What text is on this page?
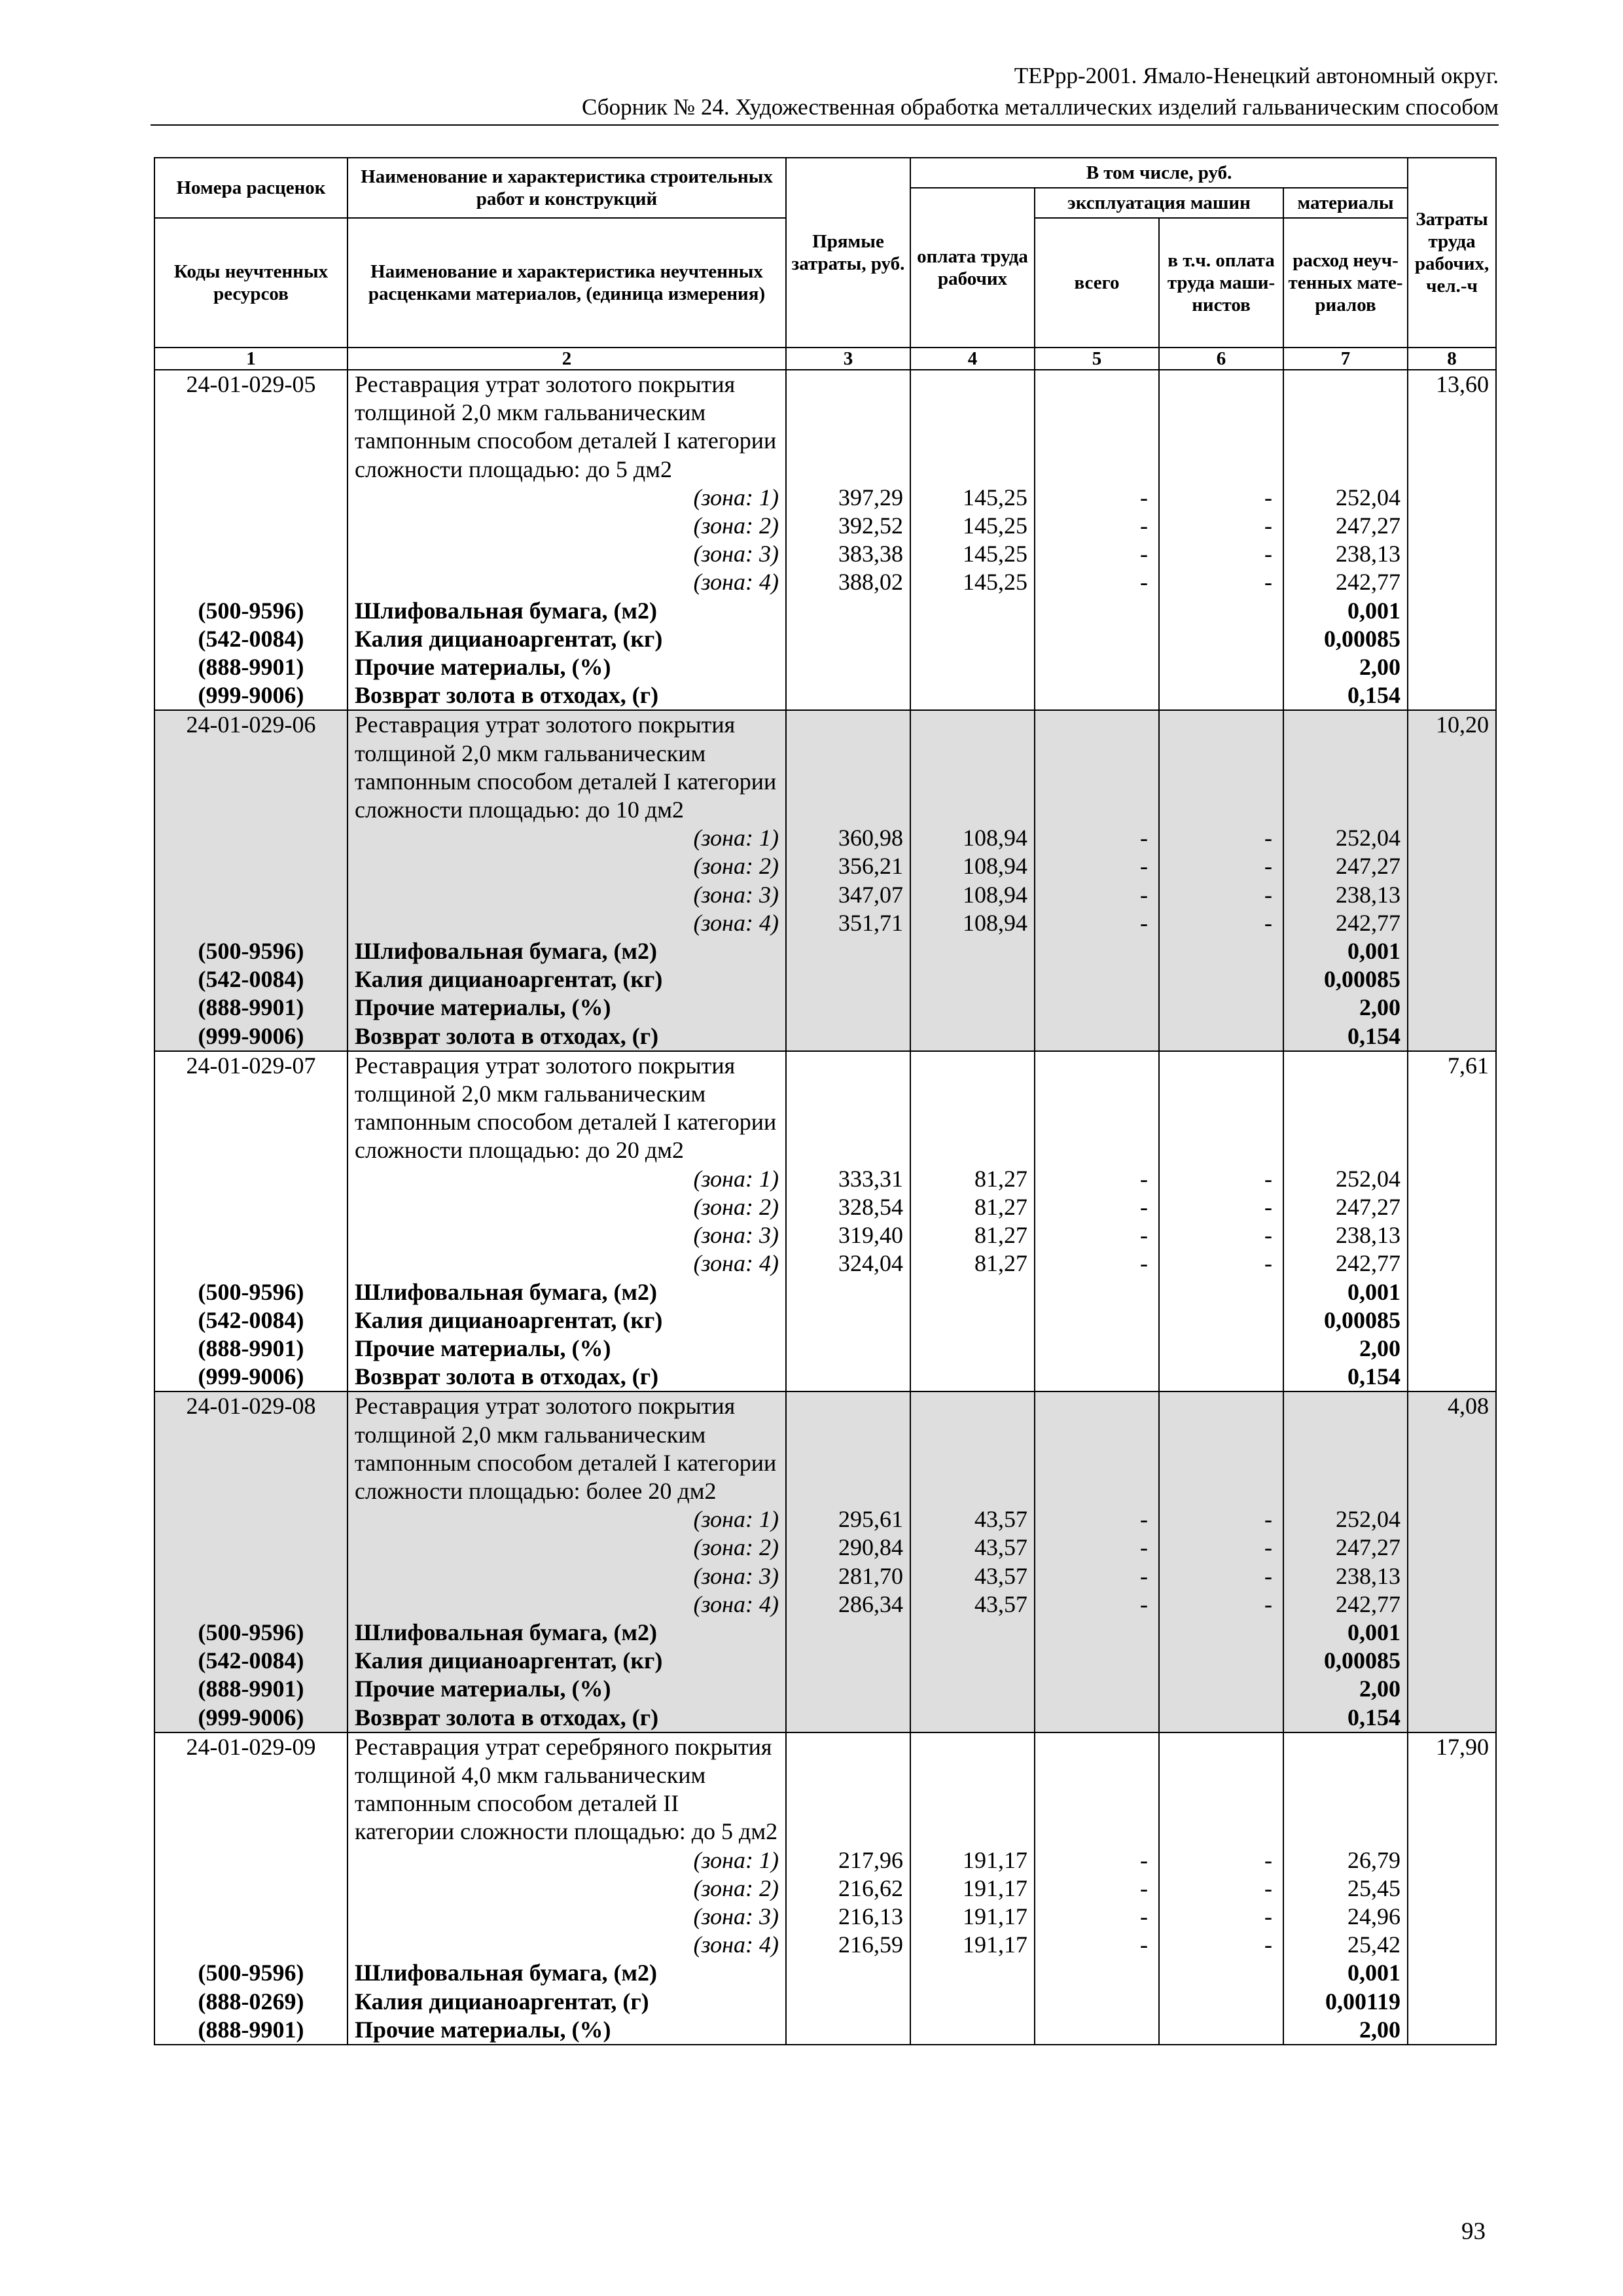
ТЕРрр-2001. Ямало-Ненецкий автономный округ.
Сборник № 24. Художественная обработка металлических изделий гальваническим способом
Номера расценок	Наименование и характеристика строительных работ и конструкций	Прямые затраты, руб.	В том числе, руб.				Затраты труда рабочих, чел.-ч
			оплата труда рабочих	эксплуатация машин		материалы	
Коды неучтенных ресурсов	Наименование и характеристика неучтенных расценками материалов, (единица измерения)			всего	в т.ч. оплата труда маши-нистов	расход неуч-тенных мате-риалов	
1	2	3	4	5	6	7	8
24-01-029-05	Реставрация утрат золотого покрытия толщиной 2,0 мкм гальваническим тампонным способом деталей I категории сложности площадью: до 5 дм2						13,60
	(зона: 1)	397,29	145,25	-	-	252,04	
	(зона: 2)	392,52	145,25	-	-	247,27	
	(зона: 3)	383,38	145,25	-	-	238,13	
	(зона: 4)	388,02	145,25	-	-	242,77	
(500-9596)	Шлифовальная бумага, (м2)					0,001	
(542-0084)	Калия дицианоаргентат, (кг)					0,00085	
(888-9901)	Прочие материалы, (%)					2,00	
(999-9006)	Возврат золота в отходах, (г)					0,154	
24-01-029-06	Реставрация утрат золотого покрытия толщиной 2,0 мкм гальваническим тампонным способом деталей I категории сложности площадью: до 10 дм2						10,20
	(зона: 1)	360,98	108,94	-	-	252,04	
	(зона: 2)	356,21	108,94	-	-	247,27	
	(зона: 3)	347,07	108,94	-	-	238,13	
	(зона: 4)	351,71	108,94	-	-	242,77	
(500-9596)	Шлифовальная бумага, (м2)					0,001	
(542-0084)	Калия дицианоаргентат, (кг)					0,00085	
(888-9901)	Прочие материалы, (%)					2,00	
(999-9006)	Возврат золота в отходах, (г)					0,154	
24-01-029-07	Реставрация утрат золотого покрытия толщиной 2,0 мкм гальваническим тампонным способом деталей I категории сложности площадью: до 20 дм2						7,61
	(зона: 1)	333,31	81,27	-	-	252,04	
	(зона: 2)	328,54	81,27	-	-	247,27	
	(зона: 3)	319,40	81,27	-	-	238,13	
	(зона: 4)	324,04	81,27	-	-	242,77	
(500-9596)	Шлифовальная бумага, (м2)					0,001	
(542-0084)	Калия дицианоаргентат, (кг)					0,00085	
(888-9901)	Прочие материалы, (%)					2,00	
(999-9006)	Возврат золота в отходах, (г)					0,154	
24-01-029-08	Реставрация утрат золотого покрытия толщиной 2,0 мкм гальваническим тампонным способом деталей I категории сложности площадью: более 20 дм2						4,08
	(зона: 1)	295,61	43,57	-	-	252,04	
	(зона: 2)	290,84	43,57	-	-	247,27	
	(зона: 3)	281,70	43,57	-	-	238,13	
	(зона: 4)	286,34	43,57	-	-	242,77	
(500-9596)	Шлифовальная бумага, (м2)					0,001	
(542-0084)	Калия дицианоаргентат, (кг)					0,00085	
(888-9901)	Прочие материалы, (%)					2,00	
(999-9006)	Возврат золота в отходах, (г)					0,154	
24-01-029-09	Реставрация утрат серебряного покрытия толщиной 4,0 мкм гальваническим тампонным способом деталей II категории сложности площадью: до 5 дм2						17,90
	(зона: 1)	217,96	191,17	-	-	26,79	
	(зона: 2)	216,62	191,17	-	-	25,45	
	(зона: 3)	216,13	191,17	-	-	24,96	
	(зона: 4)	216,59	191,17	-	-	25,42	
(500-9596)	Шлифовальная бумага, (м2)					0,001	
(888-0269)	Калия дицианоаргентат, (г)					0,00119	
(888-9901)	Прочие материалы, (%)					2,00	
93
